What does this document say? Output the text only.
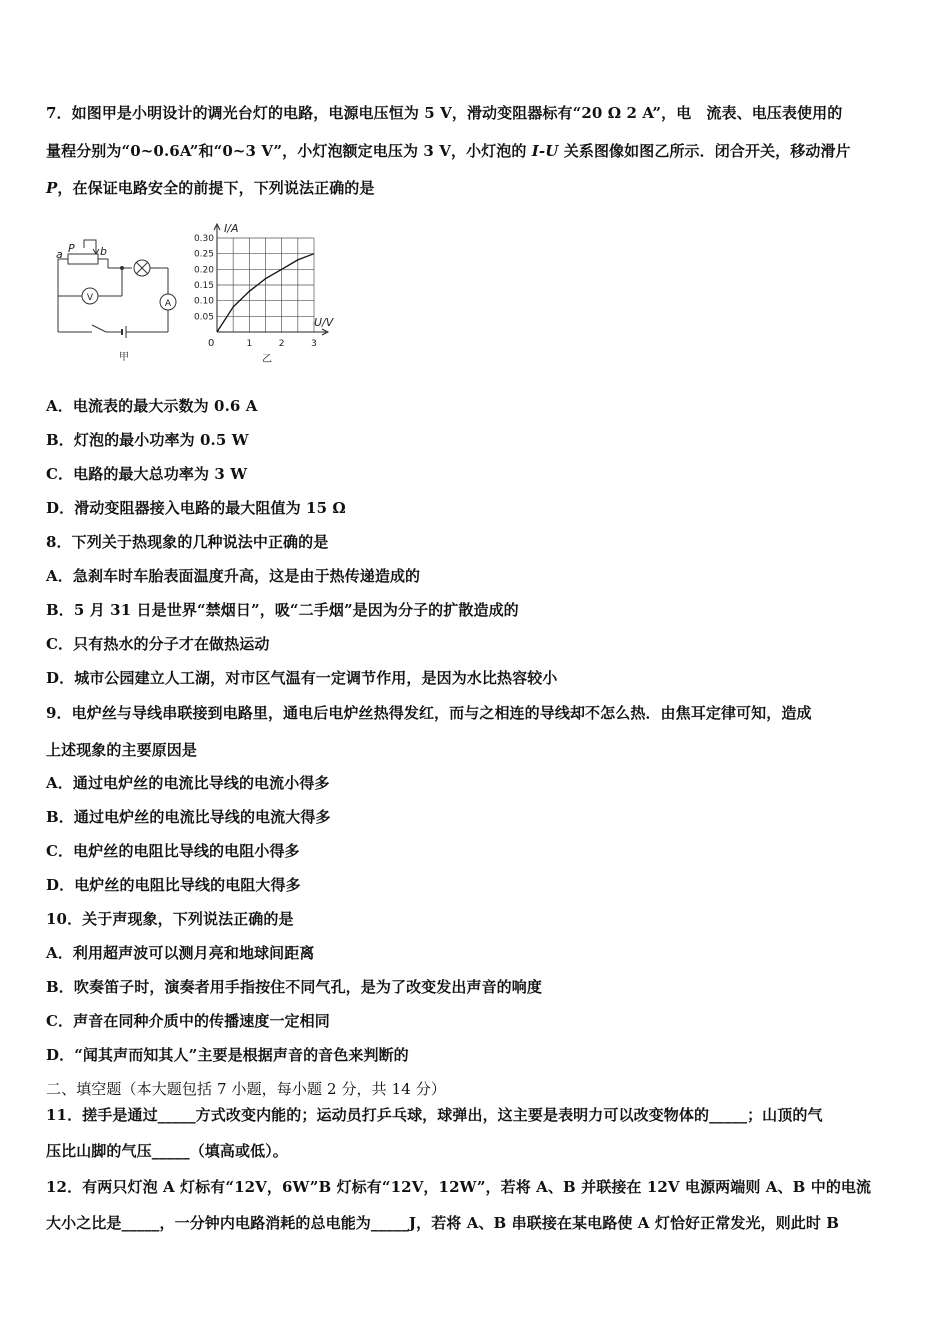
7．如图甲是小明设计的调光台灯的电路，电源电压恒为 5 V，滑动变阻器标有“20 Ω 2 A”，电　流表、电压表使用的
量程分别为“0~0.6A”和“0~3 V”，小灯泡额定电压为 3 V，小灯泡的 I-U 关系图像如图乙所示．闭合开关，移动滑片
P，在保证电路安全的前提下，下列说法正确的是
a P b
V
A
甲
0.05
0.10
0.15
0.20
0.25
0.30
1	2	3
I/A
U/V
0
乙
A．电流表的最大示数为 0.6 A
B．灯泡的最小功率为 0.5 W
C．电路的最大总功率为 3 W
D．滑动变阻器接入电路的最大阻值为 15 Ω
8．下列关于热现象的几种说法中正确的是
A．急刹车时车胎表面温度升高，这是由于热传递造成的
B．5 月 31 日是世界“禁烟日”，吸“二手烟”是因为分子的扩散造成的
C．只有热水的分子才在做热运动
D．城市公园建立人工湖，对市区气温有一定调节作用，是因为水比热容较小
9．电炉丝与导线串联接到电路里，通电后电炉丝热得发红，而与之相连的导线却不怎么热．由焦耳定律可知，造成
上述现象的主要原因是
A．通过电炉丝的电流比导线的电流小得多
B．通过电炉丝的电流比导线的电流大得多
C．电炉丝的电阻比导线的电阻小得多
D．电炉丝的电阻比导线的电阻大得多
10．关于声现象，下列说法正确的是
A．利用超声波可以测月亮和地球间距离
B．吹奏笛子时，演奏者用手指按住不同气孔，是为了改变发出声音的响度
C．声音在同种介质中的传播速度一定相同
D．“闻其声而知其人”主要是根据声音的音色来判断的
二、填空题（本大题包括 7 小题，每小题 2 分，共 14 分）
11．搓手是通过_____方式改变内能的；运动员打乒乓球，球弹出，这主要是表明力可以改变物体的_____；山顶的气
压比山脚的气压_____（填高或低）。
12．有两只灯泡 A 灯标有“12V，6W”B 灯标有“12V，12W”，若将 A、B 并联接在 12V 电源两端则 A、B 中的电流
大小之比是_____，一分钟内电路消耗的总电能为_____J，若将 A、B 串联接在某电路使 A 灯恰好正常发光，则此时 B
